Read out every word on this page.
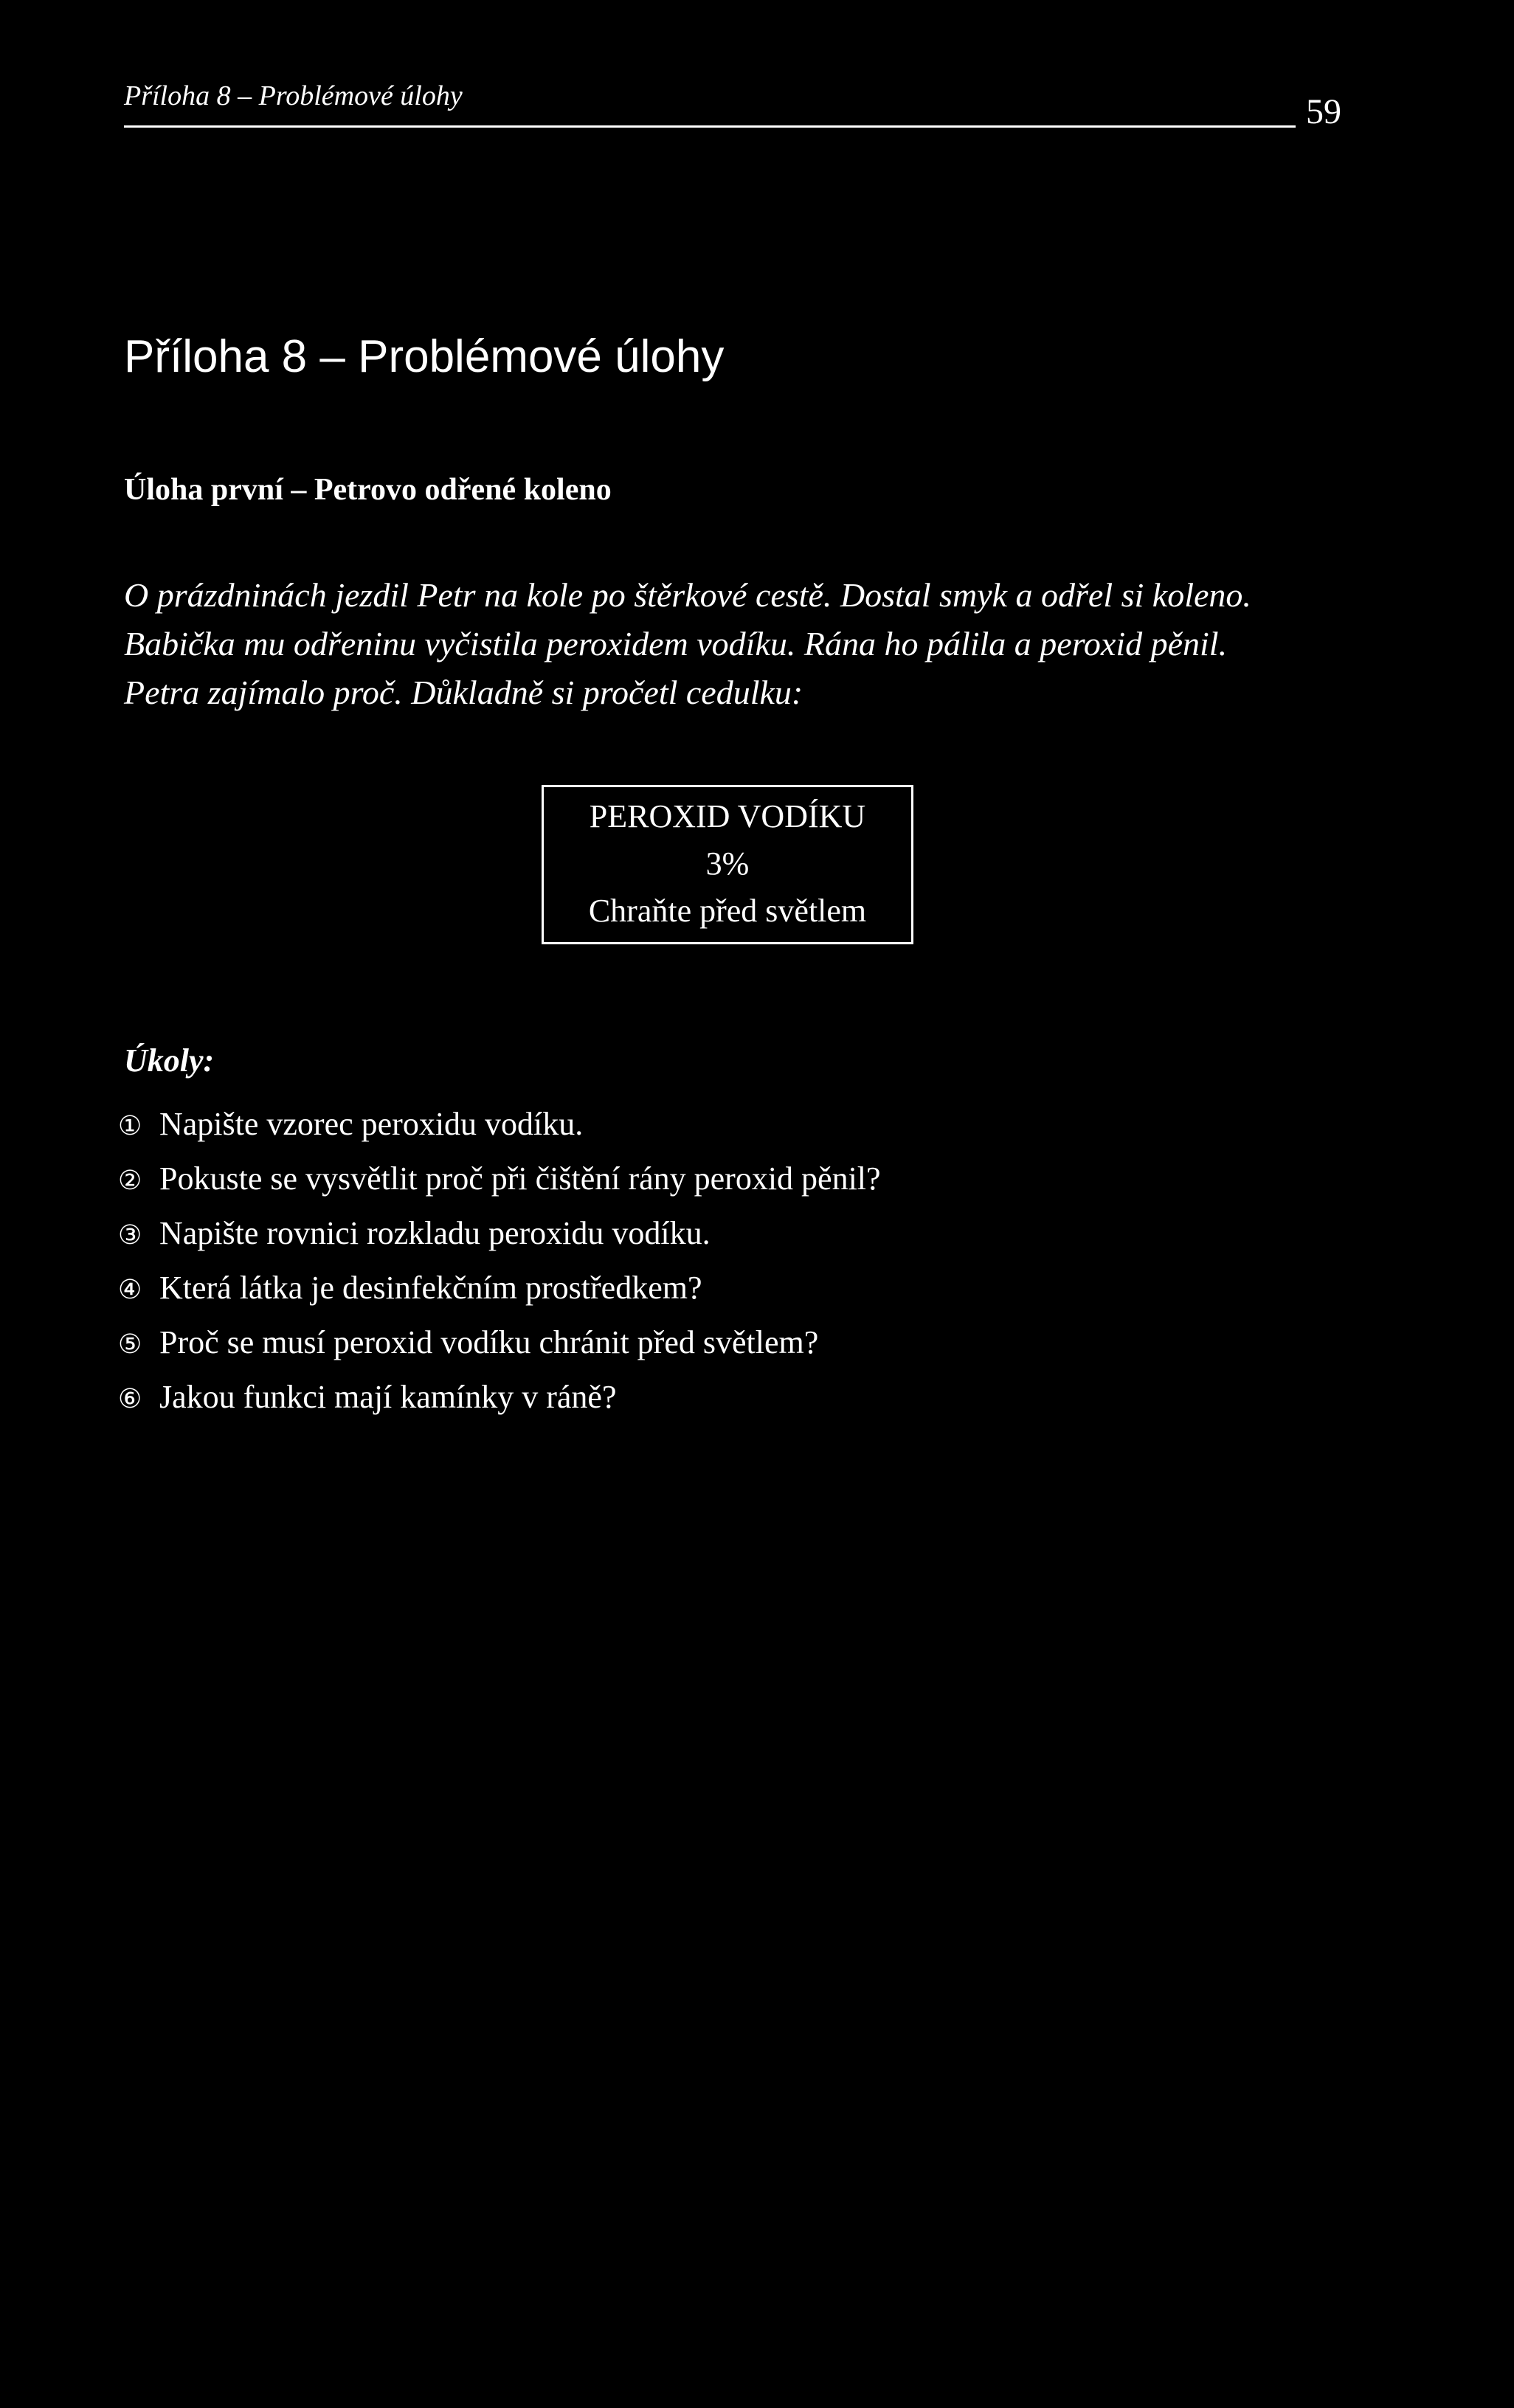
Příloha 8 – Problémové úlohy	59
Příloha 8 – Problémové úlohy
Úloha první – Petrovo odřené koleno
O prázdninách jezdil Petr na kole po štěrkové cestě. Dostal smyk a odřel si koleno.
Babička mu odřeninu vyčistila peroxidem vodíku. Rána ho pálila a peroxid pěnil.
Petra zajímalo proč. Důkladně si pročetl cedulku:
PEROXID VODÍKU
3%
Chraňte před světlem
Úkoly:
① Napište vzorec peroxidu vodíku.
② Pokuste se vysvětlit proč při čištění rány peroxid pěnil?
③ Napište rovnici rozkladu peroxidu vodíku.
④ Která látka je desinfekčním prostředkem?
⑤ Proč se musí peroxid vodíku chránit před světlem?
⑥ Jakou funkci mají kamínky v ráně?
